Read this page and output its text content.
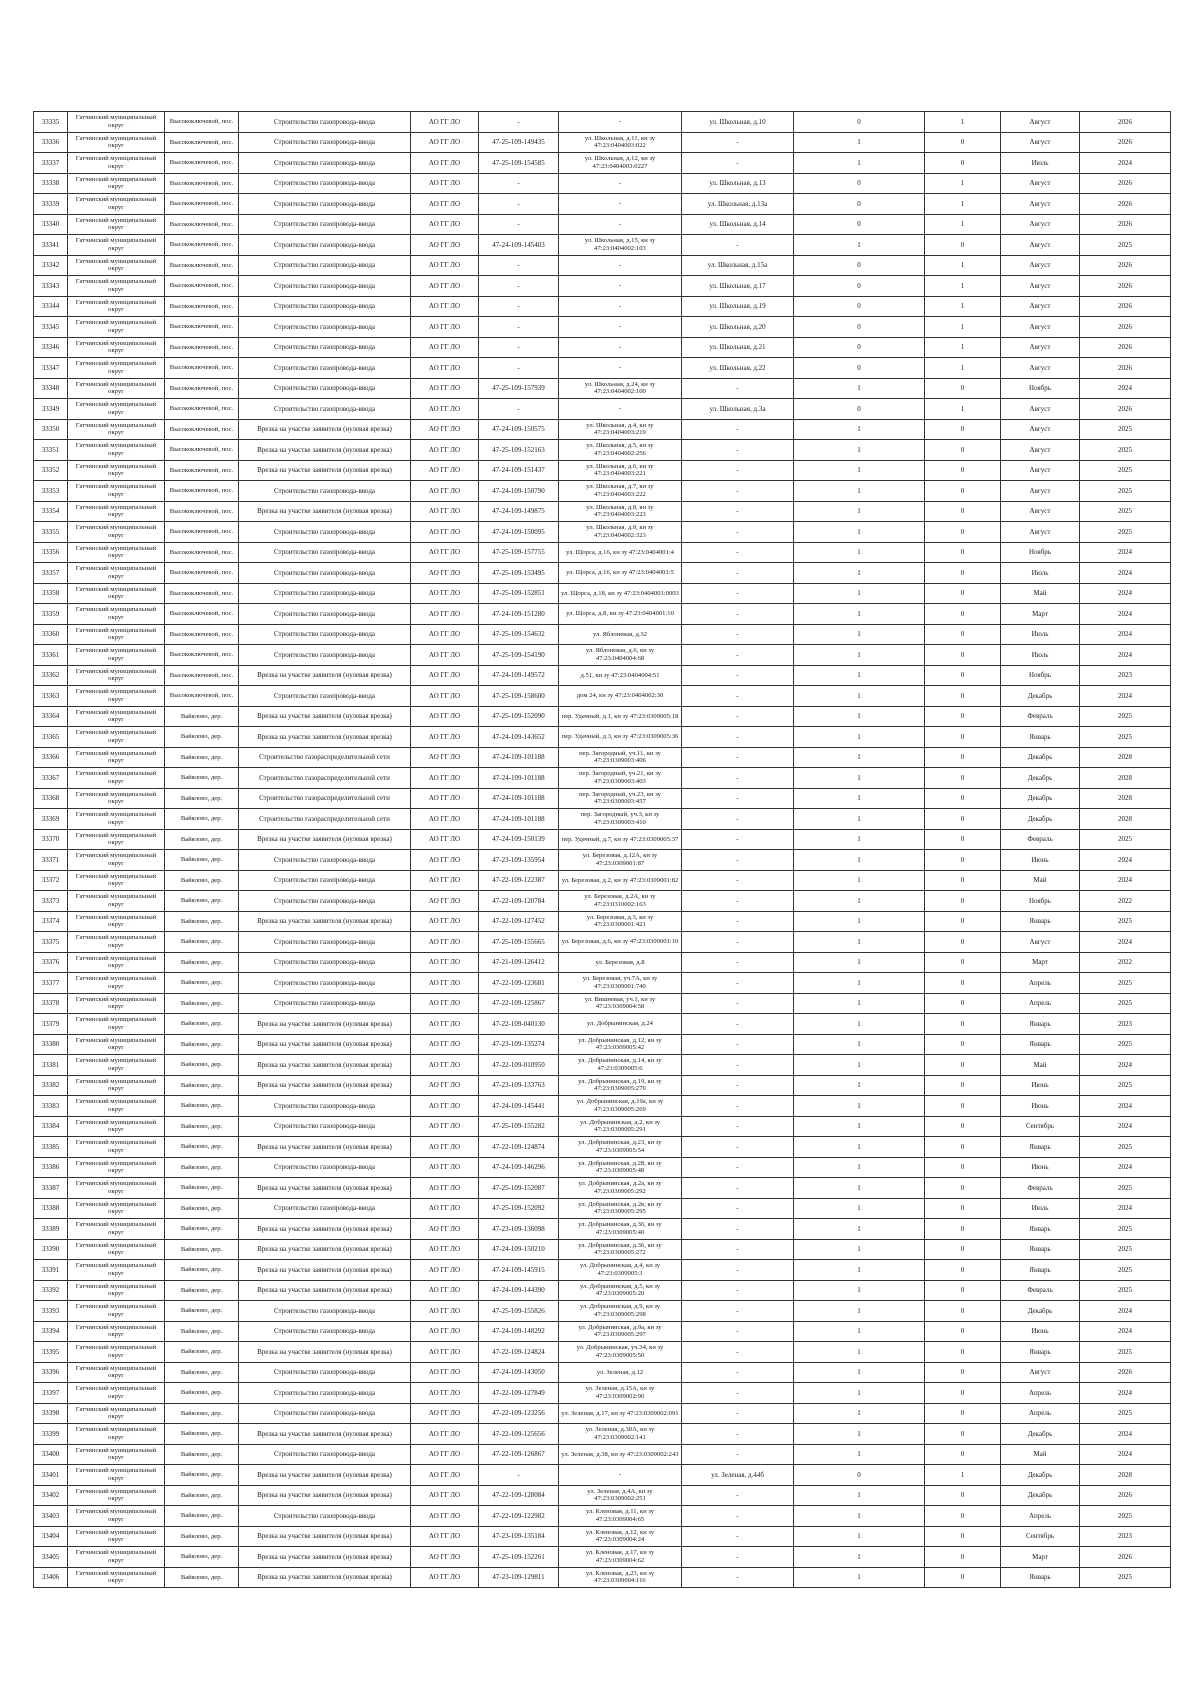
33335	Гатчинский муниципальный округ	Высокоключевой, пос.	Строительство газопровода-ввода	АО ГГ ЛО	-	-	ул. Школьная, д.10	0	1	Август	2026
33336	Гатчинский муниципальный округ	Высокоключевой, пос.	Строительство газопровода-ввода	АО ГГ ЛО	47-25-109-149435	ул. Школьная, д.11, кн зу 47:23:0404003:022	-	1	0	Август	2026
33337	Гатчинский муниципальный округ	Высокоключевой, пос.	Строительство газопровода-ввода	АО ГГ ЛО	47-25-109-154585	ул. Школьная, д.12, кн зу 47:23:0404003:0227	-	1	0	Июль	2024
33338	Гатчинский муниципальный округ	Высокоключевой, пос.	Строительство газопровода-ввода	АО ГГ ЛО	-	-	ул. Школьная, д.13	0	1	Август	2026
33339	Гатчинский муниципальный округ	Высокоключевой, пос.	Строительство газопровода-ввода	АО ГГ ЛО	-	-	ул. Школьная, д.13а	0	1	Август	2026
33340	Гатчинский муниципальный округ	Высокоключевой, пос.	Строительство газопровода-ввода	АО ГГ ЛО	-	-	ул. Школьная, д.14	0	1	Август	2026
33341	Гатчинский муниципальный округ	Высокоключевой, пос.	Строительство газопровода-ввода	АО ГГ ЛО	47-24-109-145403	ул. Школьная, д.15, кн зу 47:23:0404002:103	-	1	0	Август	2025
33342	Гатчинский муниципальный округ	Высокоключевой, пос.	Строительство газопровода-ввода	АО ГГ ЛО	-	-	ул. Школьная, д.15а	0	1	Август	2026
33343	Гатчинский муниципальный округ	Высокоключевой, пос.	Строительство газопровода-ввода	АО ГГ ЛО	-	-	ул. Школьная, д.17	0	1	Август	2026
33344	Гатчинский муниципальный округ	Высокоключевой, пос.	Строительство газопровода-ввода	АО ГГ ЛО	-	-	ул. Школьная, д.19	0	1	Август	2026
33345	Гатчинский муниципальный округ	Высокоключевой, пос.	Строительство газопровода-ввода	АО ГГ ЛО	-	-	ул. Школьная, д.20	0	1	Август	2026
33346	Гатчинский муниципальный округ	Высокоключевой, пос.	Строительство газопровода-ввода	АО ГГ ЛО	-	-	ул. Школьная, д.21	0	1	Август	2026
33347	Гатчинский муниципальный округ	Высокоключевой, пос.	Строительство газопровода-ввода	АО ГГ ЛО	-	-	ул. Школьная, д.22	0	1	Август	2026
33348	Гатчинский муниципальный округ	Высокоключевой, пос.	Строительство газопровода-ввода	АО ГГ ЛО	47-25-109-157939	ул. Школьная, д.24, кн зу 47:23:0404002:100	-	1	0	Ноябрь	2024
33349	Гатчинский муниципальный округ	Высокоключевой, пос.	Строительство газопровода-ввода	АО ГГ ЛО	-	-	ул. Школьная, д.3а	0	1	Август	2026
33350	Гатчинский муниципальный округ	Высокоключевой, пос.	Врезка на участке заявителя (нулевая врезка)	АО ГГ ЛО	47-24-109-150575	ул. Школьная, д.4, кн зу 47:23:0404003:219	-	1	0	Август	2025
33351	Гатчинский муниципальный округ	Высокоключевой, пос.	Врезка на участке заявителя (нулевая врезка)	АО ГГ ЛО	47-25-109-152163	ул. Школьная, д.5, кн зу 47:23:0404002:256	-	1	0	Август	2025
33352	Гатчинский муниципальный округ	Высокоключевой, пос.	Врезка на участке заявителя (нулевая врезка)	АО ГГ ЛО	47-24-109-151437	ул. Школьная, д.6, кн зу 47:23:0404003:221	-	1	0	Август	2025
33353	Гатчинский муниципальный округ	Высокоключевой, пос.	Строительство газопровода-ввода	АО ГГ ЛО	47-24-109-150790	ул. Школьная, д.7, кн зу 47:23:0404003:222	-	1	0	Август	2025
33354	Гатчинский муниципальный округ	Высокоключевой, пос.	Врезка на участке заявителя (нулевая врезка)	АО ГГ ЛО	47-24-109-149875	ул. Школьная, д.8, кн зу 47:23:0404003:223	-	1	0	Август	2025
33355	Гатчинский муниципальный округ	Высокоключевой, пос.	Строительство газопровода-ввода	АО ГГ ЛО	47-24-109-150095	ул. Школьная, д.9, кн зу 47:23:0404002:323	-	1	0	Август	2025
33356	Гатчинский муниципальный округ	Высокоключевой, пос.	Строительство газопровода-ввода	АО ГГ ЛО	47-25-109-157755	ул. Щорса, д.16, кн зу 47:23:0404001:4	-	1	0	Ноябрь	2024
33357	Гатчинский муниципальный округ	Высокоключевой, пос.	Строительство газопровода-ввода	АО ГГ ЛО	47-25-109-153495	ул. Щорса, д.16, кн зу 47:23:0404001:5	-	1	0	Июль	2024
33358	Гатчинский муниципальный округ	Высокоключевой, пос.	Строительство газопровода-ввода	АО ГГ ЛО	47-25-109-152851	ул. Щорса, д.18, кн зу 47:23:0404001:0003	-	1	0	Май	2024
33359	Гатчинский муниципальный округ	Высокоключевой, пос.	Строительство газопровода-ввода	АО ГГ ЛО	47-24-109-151280	ул. Щорса, д.8, кн зу 47:23:0404001:10	-	1	0	Март	2024
33360	Гатчинский муниципальный округ	Высокоключевой, пос.	Строительство газопровода-ввода	АО ГГ ЛО	47-25-109-154632	ул. Яблоневая, д.32	-	1	0	Июль	2024
33361	Гатчинский муниципальный округ	Высокоключевой, пос.	Строительство газопровода-ввода	АО ГГ ЛО	47-25-109-154190	ул. Яблоневая, д.6, кн зу 47:23:0404004:68	-	1	0	Июль	2024
33362	Гатчинский муниципальный округ	Высокоключевой, пос.	Врезка на участке заявителя (нулевая врезка)	АО ГГ ЛО	47-24-109-149572	д.51, кн зу 47:23:0404004:51	-	1	0	Ноябрь	2023
33363	Гатчинский муниципальный округ	Высокоключевой, пос.	Строительство газопровода-ввода	АО ГГ ЛО	47-25-109-158600	дом 24, кн зу 47:23:0404002:30	-	1	0	Декабрь	2024
33364	Гатчинский муниципальный округ	Вайялово, дер.	Врезка на участке заявителя (нулевая врезка)	АО ГГ ЛО	47-25-109-152090	пер. Удачный, д.1, кн зу 47:23:0309005:18	-	1	0	Февраль	2025
33365	Гатчинский муниципальный округ	Вайялово, дер.	Врезка на участке заявителя (нулевая врезка)	АО ГГ ЛО	47-24-109-143652	пер. Удачный, д.3, кн зу 47:23:0309005:36	-	1	0	Январь	2025
33366	Гатчинский муниципальный округ	Вайялово, дер.	Строительство газораспределительной сети	АО ГГ ЛО	47-24-109-101188	пер. Загородный, уч.11, кн зу 47:23:0309003:406	-	1	0	Декабрь	2028
33367	Гатчинский муниципальный округ	Вайялово, дер.	Строительство газораспределительной сети	АО ГГ ЛО	47-24-109-101188	пер. Загородный, уч.21, кн зу 47:23:0309003:403	-	1	0	Декабрь	2028
33368	Гатчинский муниципальный округ	Вайялово, дер.	Строительство газораспределительной сети	АО ГГ ЛО	47-24-109-101188	пер. Загородный, уч.23, кн зу 47:23:0309003:457	-	1	0	Декабрь	2028
33369	Гатчинский муниципальный округ	Вайялово, дер.	Строительство газораспределительной сети	АО ГГ ЛО	47-24-109-101188	пер. Загородный, уч.3, кн зу 47:23:0309003:410	-	1	0	Декабрь	2028
33370	Гатчинский муниципальный округ	Вайялово, дер.	Врезка на участке заявителя (нулевая врезка)	АО ГГ ЛО	47-24-109-150139	пер. Удачный, д.7, кн зу 47:23:0309005:37	-	1	0	Февраль	2025
33371	Гатчинский муниципальный округ	Вайялово, дер.	Строительство газопровода-ввода	АО ГГ ЛО	47-23-109-135954	ул. Березовая, д.12А, кн зу 47:23:0309001:87	-	1	0	Июнь	2024
33372	Гатчинский муниципальный округ	Вайялово, дер.	Строительство газопровода-ввода	АО ГГ ЛО	47-22-109-122387	ул. Березовая, д.2, кн зу 47:23:0309001:82	-	1	0	Май	2024
33373	Гатчинский муниципальный округ	Вайялово, дер.	Строительство газопровода-ввода	АО ГГ ЛО	47-22-109-120784	ул. Березовая, д.2А, кн зу 47:23:0310002:163	-	1	0	Ноябрь	2022
33374	Гатчинский муниципальный округ	Вайялово, дер.	Врезка на участке заявителя (нулевая врезка)	АО ГГ ЛО	47-22-109-127452	ул. Березовая, д.3, кн зу 47:23:0309001:421	-	1	0	Январь	2025
33375	Гатчинский муниципальный округ	Вайялово, дер.	Строительство газопровода-ввода	АО ГГ ЛО	47-25-109-155665	ул. Березовая, д.6, кн зу 47:23:0309001:10	-	1	0	Август	2024
33376	Гатчинский муниципальный округ	Вайялово, дер.	Строительство газопровода-ввода	АО ГГ ЛО	47-21-109-126412	ул. Березовая, д.8	-	1	0	Март	2022
33377	Гатчинский муниципальный округ	Вайялово, дер.	Строительство газопровода-ввода	АО ГГ ЛО	47-22-109-123681	ул. Березовая, уч.7А, кн зу 47:23:0309001:740	-	1	0	Апрель	2025
33378	Гатчинский муниципальный округ	Вайялово, дер.	Строительство газопровода-ввода	АО ГГ ЛО	47-22-109-125867	ул. Вишневая, уч.1, кн зу 47:23:0309004:58	-	1	0	Апрель	2025
33379	Гатчинский муниципальный округ	Вайялово, дер.	Врезка на участке заявителя (нулевая врезка)	АО ГГ ЛО	47-22-109-040130	ул. Добрынинская, д.24	-	1	0	Январь	2023
33380	Гатчинский муниципальный округ	Вайялово, дер.	Врезка на участке заявителя (нулевая врезка)	АО ГГ ЛО	47-23-109-135274	ул. Добрынинская, д.12, кн зу 47:23:0309005:42	-	1	0	Январь	2025
33381	Гатчинский муниципальный округ	Вайялово, дер.	Врезка на участке заявителя (нулевая врезка)	АО ГГ ЛО	47-22-109-010950	ул. Добрынинская, д.14, кн зу 47:23:0309005:6	-	1	0	Май	2024
33382	Гатчинский муниципальный округ	Вайялово, дер.	Врезка на участке заявителя (нулевая врезка)	АО ГГ ЛО	47-23-109-133763	ул. Добрынинская, д.19, кн зу 47:23:0309005:270	-	1	0	Июнь	2025
33383	Гатчинский муниципальный округ	Вайялово, дер.	Строительство газопровода-ввода	АО ГГ ЛО	47-24-109-145441	ул. Добрынинская, д.19а, кн зу 47:23:0309005:269	-	1	0	Июнь	2024
33384	Гатчинский муниципальный округ	Вайялово, дер.	Строительство газопровода-ввода	АО ГГ ЛО	47-25-109-155282	ул. Добрынинская, д.2, кн зу 47:23:0309005:291	-	1	0	Сентябрь	2024
33385	Гатчинский муниципальный округ	Вайялово, дер.	Врезка на участке заявителя (нулевая врезка)	АО ГГ ЛО	47-22-109-124874	ул. Добрынинская, д.23, кн зу 47:23:0309005:54	-	1	0	Январь	2025
33386	Гатчинский муниципальный округ	Вайялово, дер.	Строительство газопровода-ввода	АО ГГ ЛО	47-24-109-146296	ул. Добрынинская, д.28, кн зу 47:23:0309005:48	-	1	0	Июнь	2024
33387	Гатчинский муниципальный округ	Вайялово, дер.	Врезка на участке заявителя (нулевая врезка)	АО ГГ ЛО	47-25-109-152087	ул. Добрынинская, д.2а, кн зу 47:23:0309005:292	-	1	0	Февраль	2025
33388	Гатчинский муниципальный округ	Вайялово, дер.	Строительство газопровода-ввода	АО ГГ ЛО	47-25-109-152092	ул. Добрынинская, д.2в, кн зу 47:23:0309005:295	-	1	0	Июль	2024
33389	Гатчинский муниципальный округ	Вайялово, дер.	Врезка на участке заявителя (нулевая врезка)	АО ГГ ЛО	47-23-109-136098	ул. Добрынинская, д.36, кн зу 47:23:0309005:40	-	1	0	Январь	2025
33390	Гатчинский муниципальный округ	Вайялово, дер.	Врезка на участке заявителя (нулевая врезка)	АО ГГ ЛО	47-24-109-150210	ул. Добрынинская, д.36, кн зу 47:23:0309005:272	-	1	0	Январь	2025
33391	Гатчинский муниципальный округ	Вайялово, дер.	Врезка на участке заявителя (нулевая врезка)	АО ГГ ЛО	47-24-109-145915	ул. Добрынинская, д.4, кн зу 47:23:0309005:3	-	1	0	Январь	2025
33392	Гатчинский муниципальный округ	Вайялово, дер.	Врезка на участке заявителя (нулевая врезка)	АО ГГ ЛО	47-24-109-144390	ул. Добрынинская, д.5, кн зу 47:23:0309005:20	-	1	0	Февраль	2025
33393	Гатчинский муниципальный округ	Вайялово, дер.	Строительство газопровода-ввода	АО ГГ ЛО	47-25-109-155826	ул. Добрынинская, д.9, кн зу 47:23:0309005:298	-	1	0	Декабрь	2024
33394	Гатчинский муниципальный округ	Вайялово, дер.	Строительство газопровода-ввода	АО ГГ ЛО	47-24-109-148292	ул. Добрынинская, д.9а, кн зу 47:23:0309005:297	-	1	0	Июнь	2024
33395	Гатчинский муниципальный округ	Вайялово, дер.	Врезка на участке заявителя (нулевая врезка)	АО ГГ ЛО	47-22-109-124824	ул. Добрынинская, уч.34, кн зу 47:23:0309005:50	-	1	0	Январь	2025
33396	Гатчинский муниципальный округ	Вайялово, дер.	Строительство газопровода-ввода	АО ГГ ЛО	47-24-109-143050	ул. Зеленая, д.12	-	1	0	Август	2026
33397	Гатчинский муниципальный округ	Вайялово, дер.	Строительство газопровода-ввода	АО ГГ ЛО	47-22-109-127849	ул. Зеленая, д.15А, кн зу 47:23:0309002:90	-	1	0	Апрель	2024
33398	Гатчинский муниципальный округ	Вайялово, дер.	Строительство газопровода-ввода	АО ГГ ЛО	47-22-109-123256	ул. Зеленая, д.17, кн зу 47:23:0309002:091	-	1	0	Апрель	2025
33399	Гатчинский муниципальный округ	Вайялово, дер.	Врезка на участке заявителя (нулевая врезка)	АО ГГ ЛО	47-22-109-125656	ул. Зеленая, д.30А, кн зу 47:23:0309002:141	-	1	0	Декабрь	2024
33400	Гатчинский муниципальный округ	Вайялово, дер.	Строительство газопровода-ввода	АО ГГ ЛО	47-22-109-126867	ул. Зеленая, д.38, кн зу 47:23:0309002:243	-	1	0	Май	2024
33401	Гатчинский муниципальный округ	Вайялово, дер.	Врезка на участке заявителя (нулевая врезка)	АО ГГ ЛО	-	-	ул. Зеленая, д.44б	0	1	Декабрь	2028
33402	Гатчинский муниципальный округ	Вайялово, дер.	Врезка на участке заявителя (нулевая врезка)	АО ГГ ЛО	47-22-109-128084	ул. Зеленая, д.4А, кн зу 47:23:0309002:251	-	1	0	Декабрь	2026
33403	Гатчинский муниципальный округ	Вайялово, дер.	Строительство газопровода-ввода	АО ГГ ЛО	47-22-109-122982	ул. Кленовая, д.11, кн зу 47:23:0309004:65	-	1	0	Апрель	2025
33404	Гатчинский муниципальный округ	Вайялово, дер.	Врезка на участке заявителя (нулевая врезка)	АО ГГ ЛО	47-23-109-135184	ул. Кленовая, д.12, кн зу 47:23:0309004:24	-	1	0	Сентябрь	2023
33405	Гатчинский муниципальный округ	Вайялово, дер.	Врезка на участке заявителя (нулевая врезка)	АО ГГ ЛО	47-25-109-152261	ул. Кленовая, д.17, кн зу 47:23:0309004:62	-	1	0	Март	2026
33406	Гатчинский муниципальный округ	Вайялово, дер.	Врезка на участке заявителя (нулевая врезка)	АО ГГ ЛО	47-23-109-129811	ул. Кленовая, д.23, кн зу 47:23:0309004:116	-	1	0	Январь	2025
